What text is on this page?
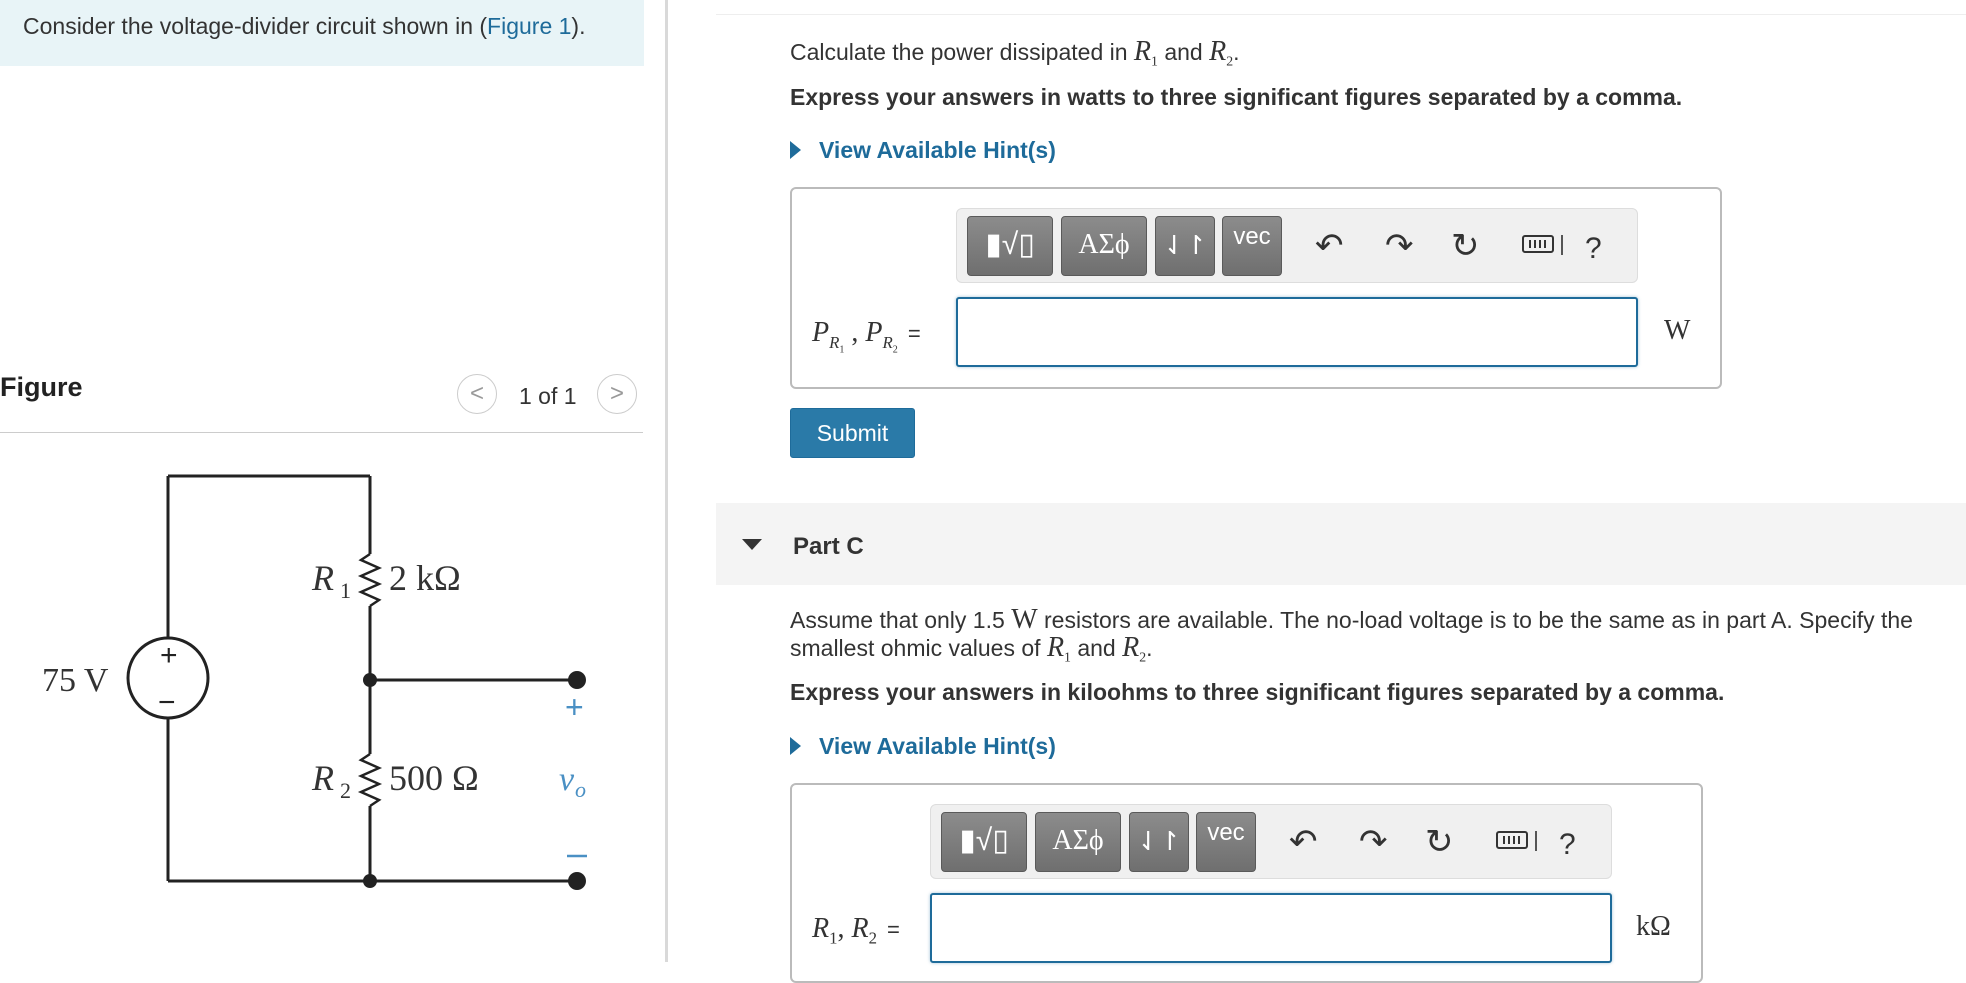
Consider the voltage-divider circuit shown in (Figure 1).
Figure	<	1 of 1	>
+
−
75 V
R 1 2 kΩ
R 2 500 Ω
+
v o
Calculate the power dissipated in $R_1$ and $R_2$.
Express your answers in watts to three significant figures separated by a comma.
View Available Hint(s)
▮√▯	ΑΣϕ	⇃↾	vec	↶ ↷ ↻	?
$P_{R_1}$ , $P_{R_2}=$	W
Submit
Part C
Assume that only 1.5 W resistors are available. The no-load voltage is to be the same as in part A. Specify the smallest ohmic values of $R_1$ and $R_2$.
Express your answers in kiloohms to three significant figures separated by a comma.
View Available Hint(s)
▮√▯	ΑΣϕ	⇃↾	vec	↶ ↷ ↻	?
$R_1$, $R_2$ =	kΩ
